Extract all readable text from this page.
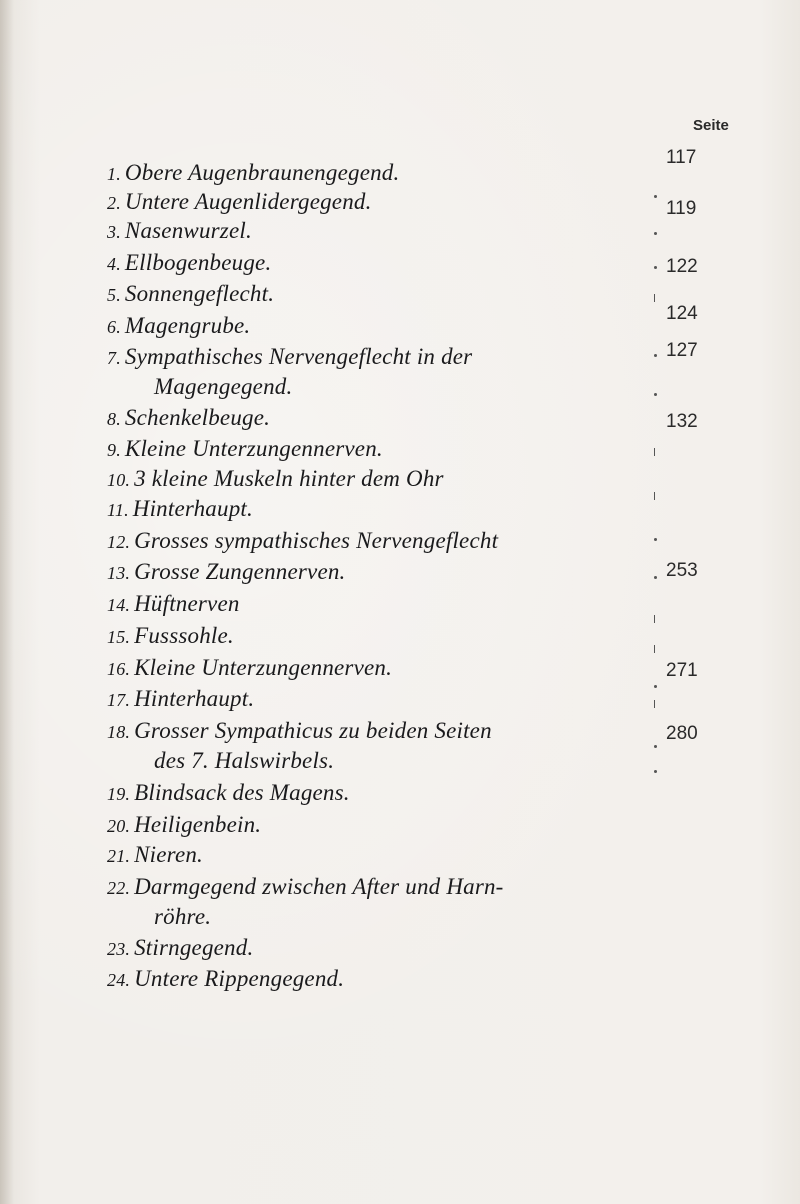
Seite
1. Obere Augenbraunengegend.
2. Untere Augenlidergegend.
3. Nasenwurzel.
4. Ellbogenbeuge.
5. Sonnengeflecht.
6. Magengrube.
7. Sympathisches Nervengeflecht in der
Magengegend.
8. Schenkelbeuge.
9. Kleine Unterzungennerven.
10. 3 kleine Muskeln hinter dem Ohr
11. Hinterhaupt.
12. Grosses sympathisches Nervengeflecht
13. Grosse Zungennerven.
14. Hüftnerven
15. Fusssohle.
16. Kleine Unterzungennerven.
17. Hinterhaupt.
18. Grosser Sympathicus zu beiden Seiten
des 7. Halswirbels.
19. Blindsack des Magens.
20. Heiligenbein.
21. Nieren.
22. Darmgegend zwischen After und Harn-
röhre.
23. Stirngegend.
24. Untere Rippengegend.
117
119
122
124
127
132
253
271
280
